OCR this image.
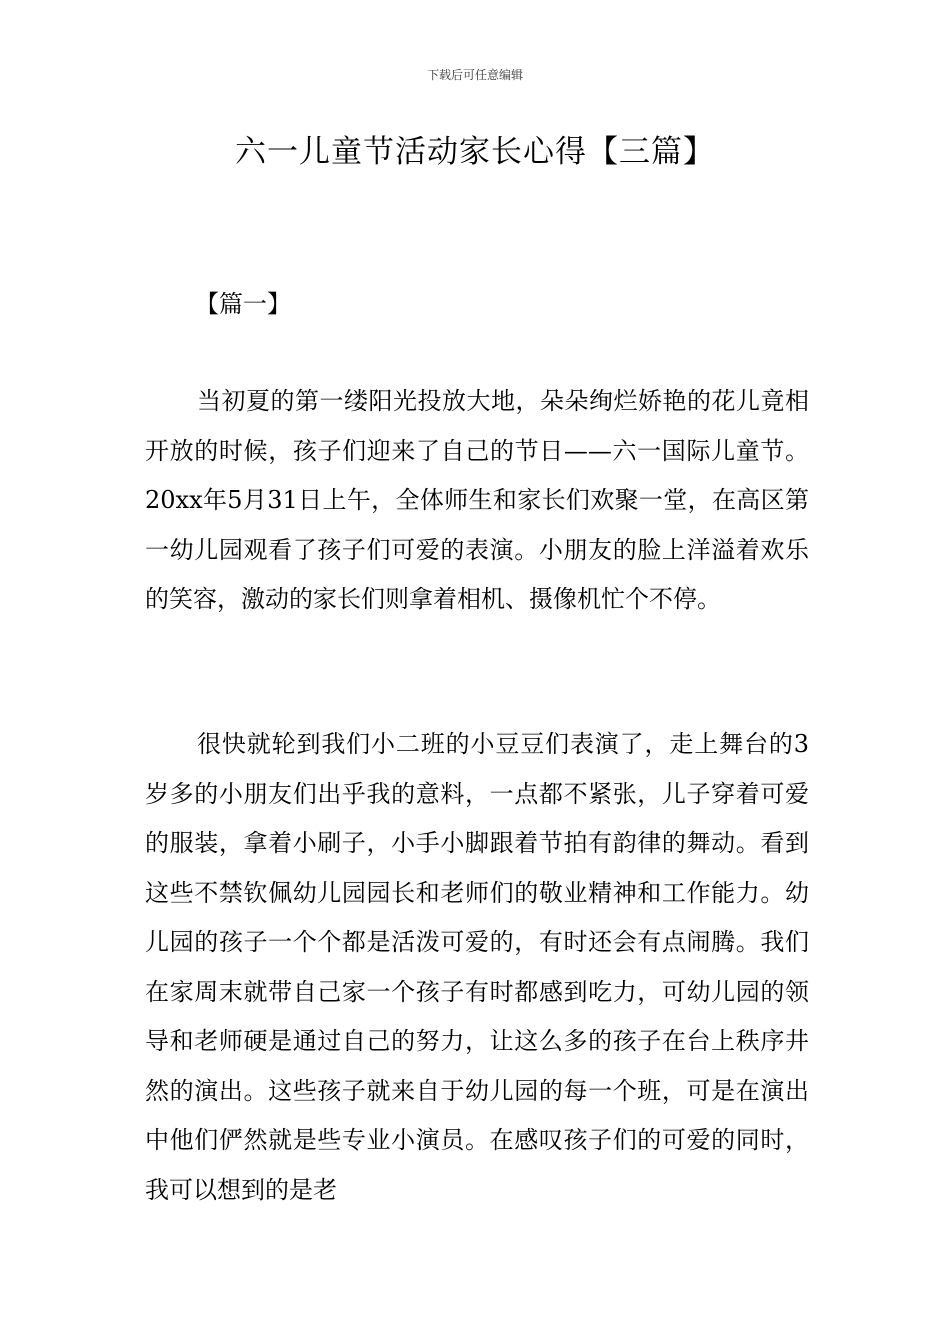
下载后可任意编辑
六一儿童节活动家长心得【三篇】
【篇一】

当初夏的第一缕阳光投放大地，朵朵绚烂娇艳的花儿竟相开放的时候，孩子们迎来了自己的节日——六一国际儿童节。20xx年5月31日上午，全体师生和家长们欢聚一堂，在高区第一幼儿园观看了孩子们可爱的表演。小朋友的脸上洋溢着欢乐的笑容，激动的家长们则拿着相机、摄像机忙个不停。

很快就轮到我们小二班的小豆豆们表演了，走上舞台的3岁多的小朋友们出乎我的意料，一点都不紧张，儿子穿着可爱的服装，拿着小刷子，小手小脚跟着节拍有韵律的舞动。看到这些不禁钦佩幼儿园园长和老师们的敬业精神和工作能力。幼儿园的孩子一个个都是活泼可爱的，有时还会有点闹腾。我们在家周末就带自己家一个孩子有时都感到吃力，可幼儿园的领导和老师硬是通过自己的努力，让这么多的孩子在台上秩序井然的演出。这些孩子就来自于幼儿园的每一个班，可是在演出中他们俨然就是些专业小演员。在感叹孩子们的可爱的同时，我可以想到的是老
